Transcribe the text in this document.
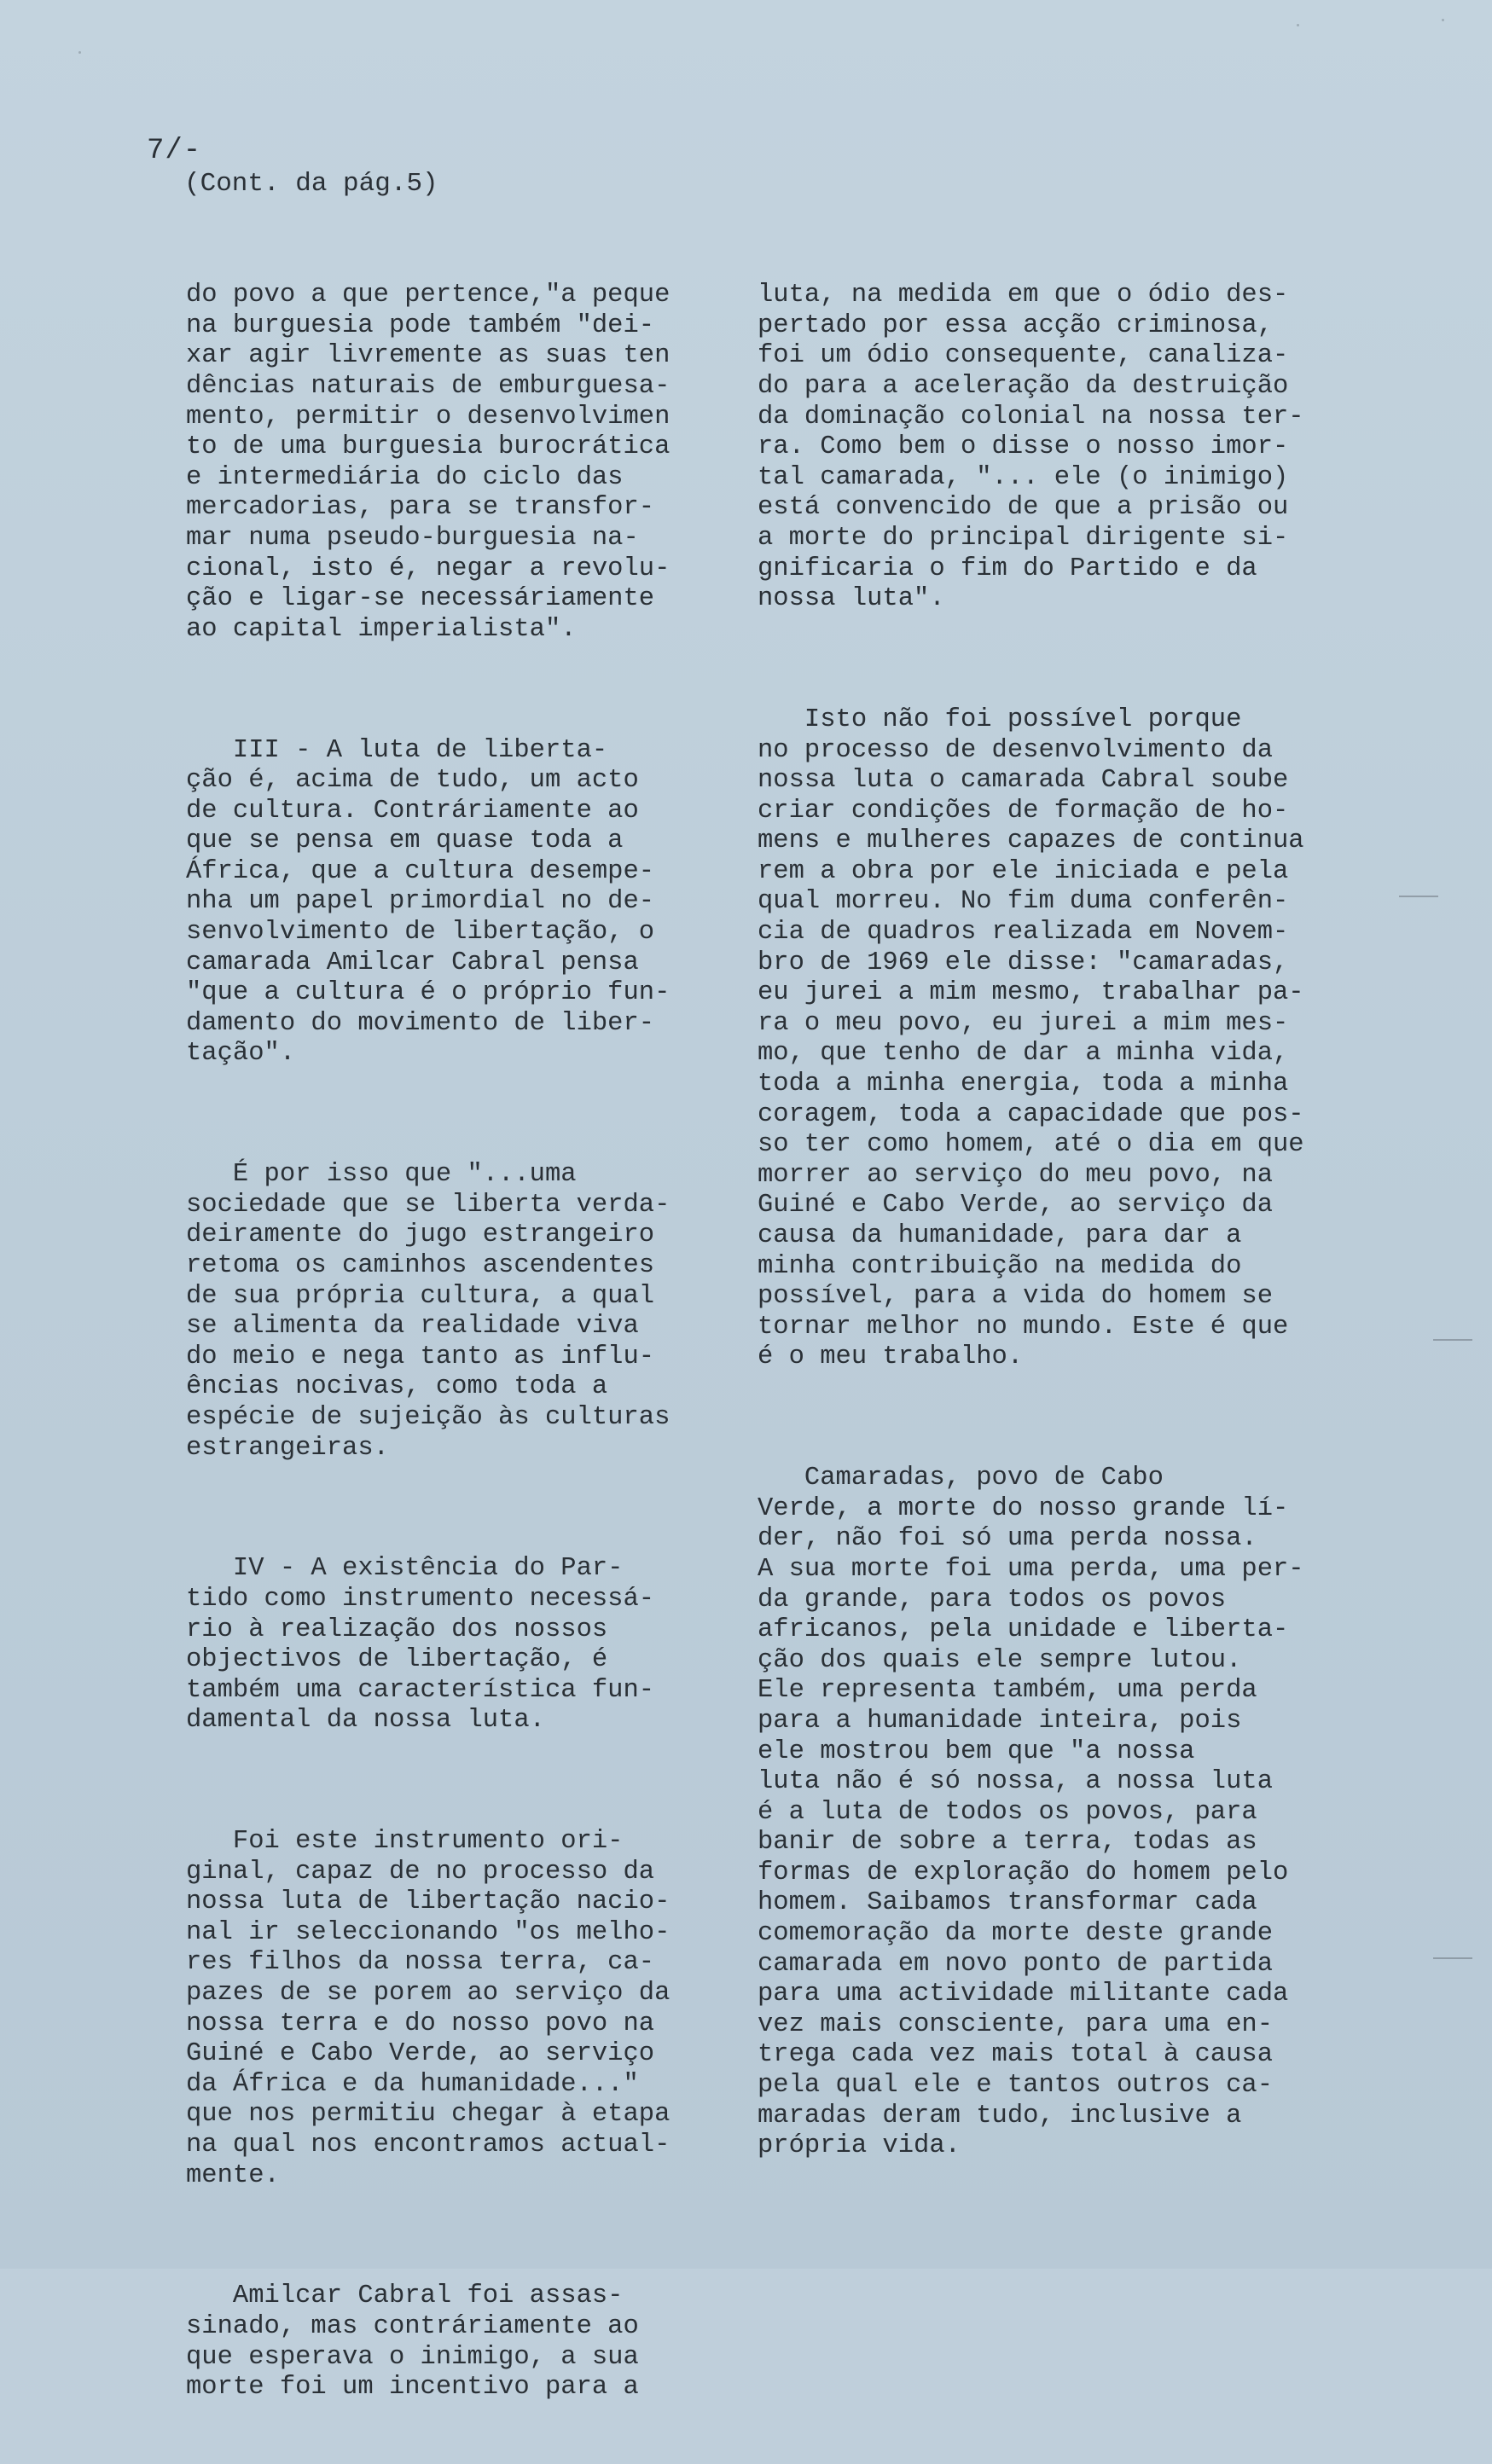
7/-
(Cont. da pág.5)

do povo a que pertence,"a peque
na burguesia pode também "dei-
xar agir livremente as suas ten
dências naturais de emburguesa-
mento, permitir o desenvolvimen
to de uma burguesia burocrática
e intermediária do ciclo das
mercadorias, para se transfor-
mar numa pseudo-burguesia na-
cional, isto é, negar a revolu-
ção e ligar-se necessáriamente
ao capital imperialista".

III - A luta de liberta-
ção é, acima de tudo, um acto
de cultura. Contráriamente ao
que se pensa em quase toda a
África, que a cultura desempe-
nha um papel primordial no de-
senvolvimento de libertação, o
camarada Amilcar Cabral pensa
"que a cultura é o próprio fun-
damento do movimento de liber-
tação".

É por isso que "...uma
sociedade que se liberta verda-
deiramente do jugo estrangeiro
retoma os caminhos ascendentes
de sua própria cultura, a qual
se alimenta da realidade viva
do meio e nega tanto as influ-
ências nocivas, como toda a
espécie de sujeição às culturas
estrangeiras.

IV - A existência do Par-
tido como instrumento necessá-
rio à realização dos nossos
objectivos de libertação, é
também uma característica fun-
damental da nossa luta.

Foi este instrumento ori-
ginal, capaz de no processo da
nossa luta de libertação nacio-
nal ir seleccionando "os melho-
res filhos da nossa terra, ca-
pazes de se porem ao serviço da
nossa terra e do nosso povo na
Guiné e Cabo Verde, ao serviço
da África e da humanidade..."
que nos permitiu chegar à etapa
na qual nos encontramos actual-
mente.

Amilcar Cabral foi assas-
sinado, mas contráriamente ao
que esperava o inimigo, a sua
morte foi um incentivo para a

luta, na medida em que o ódio des-
pertado por essa acção criminosa,
foi um ódio consequente, canaliza-
do para a aceleração da destruição
da dominação colonial na nossa ter-
ra. Como bem o disse o nosso imor-
tal camarada, "... ele (o inimigo)
está convencido de que a prisão ou
a morte do principal dirigente si-
gnificaria o fim do Partido e da
nossa luta".

Isto não foi possível porque
no processo de desenvolvimento da
nossa luta o camarada Cabral soube
criar condições de formação de ho-
mens e mulheres capazes de continua
rem a obra por ele iniciada e pela
qual morreu. No fim duma conferên-
cia de quadros realizada em Novem-
bro de 1969 ele disse: "camaradas,
eu jurei a mim mesmo, trabalhar pa-
ra o meu povo, eu jurei a mim mes-
mo, que tenho de dar a minha vida,
toda a minha energia, toda a minha
coragem, toda a capacidade que pos-
so ter como homem, até o dia em que
morrer ao serviço do meu povo, na
Guiné e Cabo Verde, ao serviço da
causa da humanidade, para dar a
minha contribuição na medida do
possível, para a vida do homem se
tornar melhor no mundo. Este é que
é o meu trabalho.

Camaradas, povo de Cabo
Verde, a morte do nosso grande lí-
der, não foi só uma perda nossa.
A sua morte foi uma perda, uma per-
da grande, para todos os povos
africanos, pela unidade e liberta-
ção dos quais ele sempre lutou.
Ele representa também, uma perda
para a humanidade inteira, pois
ele mostrou bem que "a nossa
luta não é só nossa, a nossa luta
é a luta de todos os povos, para
banir de sobre a terra, todas as
formas de exploração do homem pelo
homem. Saibamos transformar cada
comemoração da morte deste grande
camarada em novo ponto de partida
para uma actividade militante cada
vez mais consciente, para uma en-
trega cada vez mais total à causa
pela qual ele e tantos outros ca-
maradas deram tudo, inclusive a
própria vida.
